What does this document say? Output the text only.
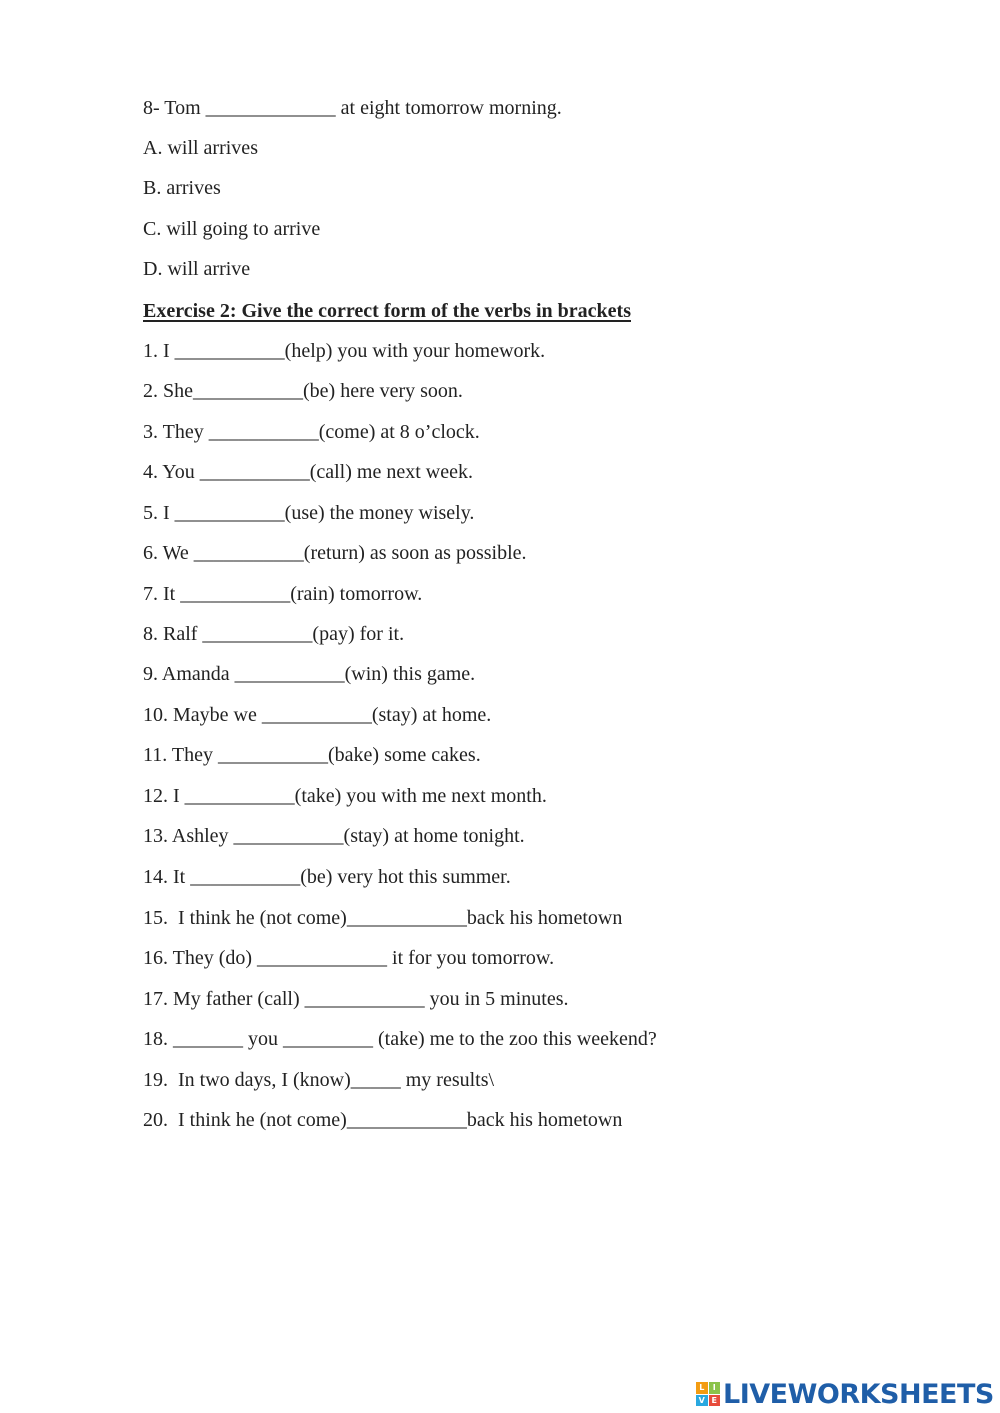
8- Tom _____________ at eight tomorrow morning.
A. will arrives
B. arrives
C. will going to arrive
D. will arrive
Exercise 2: Give the correct form of the verbs in brackets
1. I ___________(help) you with your homework.
2. She___________(be) here very soon.
3. They ___________(come) at 8 o’clock.
4. You ___________(call) me next week.
5. I ___________(use) the money wisely.
6. We ___________(return) as soon as possible.
7. It ___________(rain) tomorrow.
8. Ralf ___________(pay) for it.
9. Amanda ___________(win) this game.
10. Maybe we ___________(stay) at home.
11. They ___________(bake) some cakes.
12. I ___________(take) you with me next month.
13. Ashley ___________(stay) at home tonight.
14. It ___________(be) very hot this summer.
15.  I think he (not come)____________back his hometown
16. They (do) _____________ it for you tomorrow.
17. My father (call) ____________ you in 5 minutes.
18. _______ you _________ (take) me to the zoo this weekend?
19.  In two days, I (know)_____ my results\
20.  I think he (not come)____________back his hometown
L	I
V E LIVEWORKSHEETS
